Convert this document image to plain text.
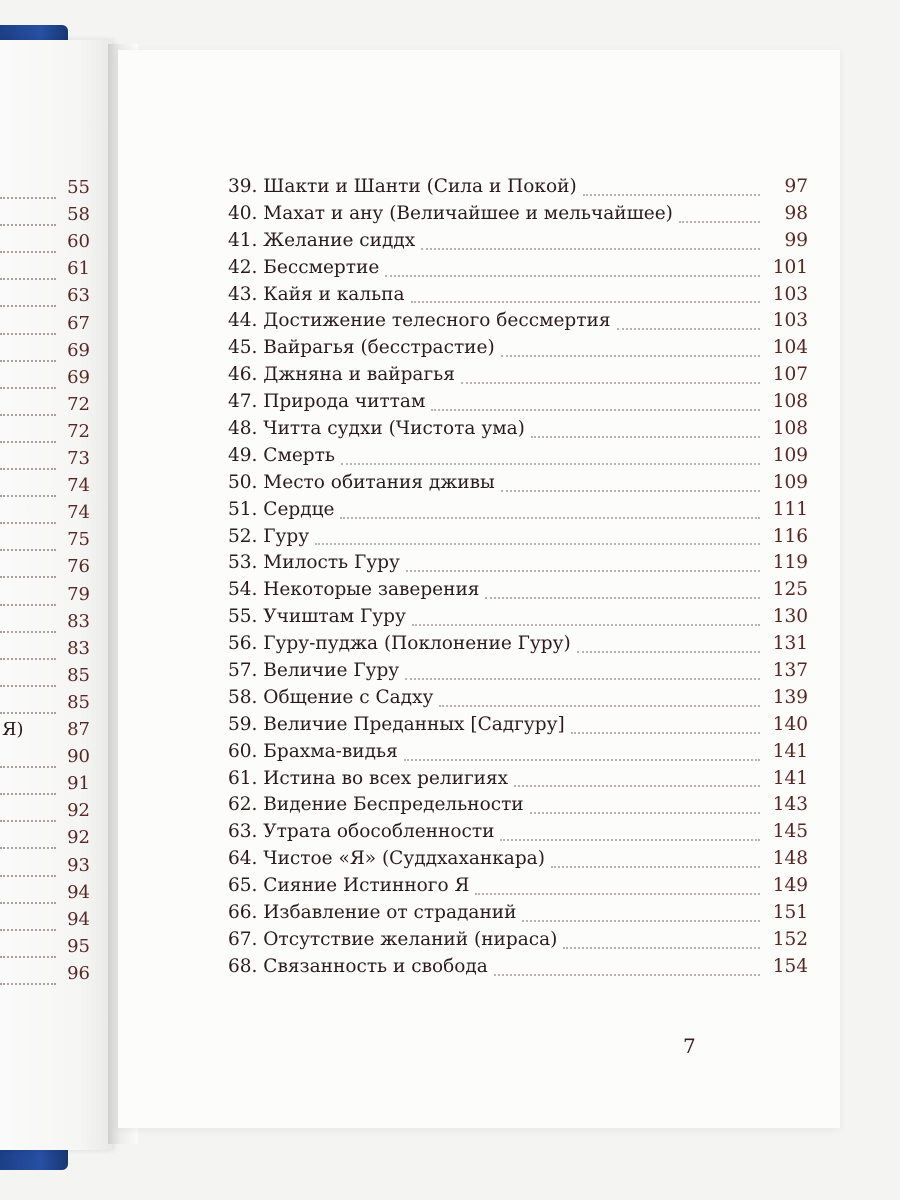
55
58
60
61
63
67
69
69
72
72
73
74
74
75
76
79
83
83
85
85
Я) 87
90
91
92
92
93
94
94
95
96
39. Шакти и Шанти (Сила и Покой)	97
40. Махат и ану (Величайшее и мельчайшее)	98
41. Желание сиддх	99
42. Бессмертие	101
43. Кайя и кальпа	103
44. Достижение телесного бессмертия	103
45. Вайрагья (бесстрастие)	104
46. Джняна и вайрагья	107
47. Природа читтам	108
48. Читта судхи (Чистота ума)	108
49. Смерть	109
50. Место обитания дживы	109
51. Сердце	111
52. Гуру	116
53. Милость Гуру	119
54. Некоторые заверения	125
55. Учиштам Гуру	130
56. Гуру-пуджа (Поклонение Гуру)	131
57. Величие Гуру	137
58. Общение с Садху	139
59. Величие Преданных [Садгуру]	140
60. Брахма-видья	141
61. Истина во всех религиях	141
62. Видение Беспредельности	143
63. Утрата обособленности	145
64. Чистое «Я» (Суддхаханкара)	148
65. Сияние Истинного Я	149
66. Избавление от страданий	151
67. Отсутствие желаний (нираса)	152
68. Связанность и свобода	154
7
